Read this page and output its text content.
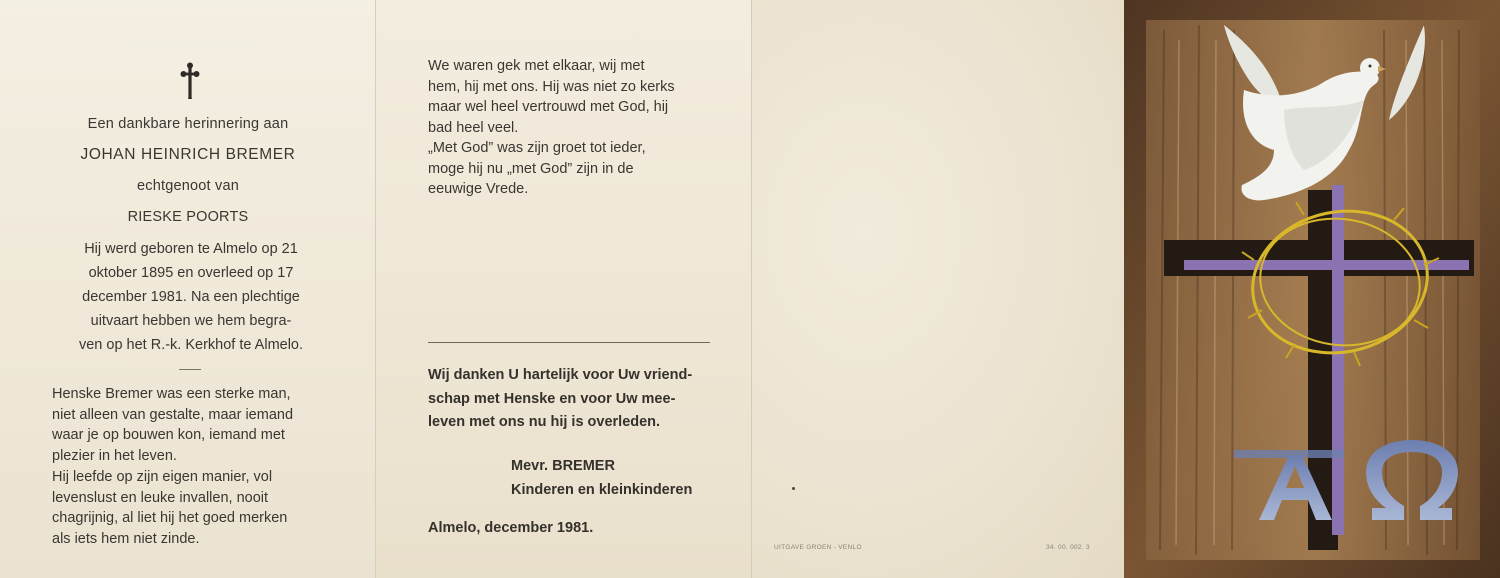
Een dankbare herinnering aan
JOHAN HEINRICH BREMER
echtgenoot van
RIESKE POORTS
Hij werd geboren te Almelo op 21
oktober 1895 en overleed op 17
december 1981. Na een plechtige
uitvaart hebben we hem begra-
ven op het R.-k. Kerkhof te Almelo.
Henske Bremer was een sterke man,
niet alleen van gestalte, maar iemand
waar je op bouwen kon, iemand met
plezier in het leven.
Hij leefde op zijn eigen manier, vol
levenslust en leuke invallen, nooit
chagrijnig, al liet hij het goed merken
als iets hem niet zinde.
We waren gek met elkaar, wij met
hem, hij met ons. Hij was niet zo kerks
maar wel heel vertrouwd met God, hij
bad heel veel.
„Met God” was zijn groet tot ieder,
moge hij nu „met God” zijn in de
eeuwige Vrede.
Wij danken U hartelijk voor Uw vriend-
schap met Henske en voor Uw mee-
leven met ons nu hij is overleden.
Mevr. BREMER
Kinderen en kleinkinderen
Almelo, december 1981.
UITGAVE GROEN - VENLO	34. 00. 002. 3
